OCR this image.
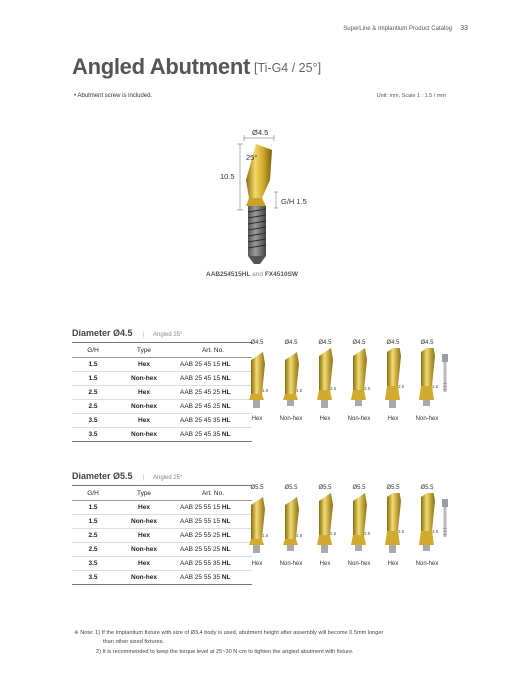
SuperLine & Implantium Product Catalog 33
Angled Abutment [Ti-G4 / 25°]
• Abutment screw is included.	Unit: mm, Scale 1 : 1.5 / mm
Ø4.5
25°
10.5
G/H 1.5
AAB254515HL and FX4510SW
Diameter Ø4.5 | Angled 25°
G/H	Type	Art. No.
1.5	Hex	AAB 25 45 15 HL
1.5	Non-hex	AAB 25 45 15 NL
2.5	Hex	AAB 25 45 25 HL
2.5	Non-hex	AAB 25 45 25 NL
3.5	Hex	AAB 25 45 35 HL
3.5	Non-hex	AAB 25 45 35 NL
Ø4.5
1.5
Hex
Ø4.5
1.5
Non-hex
Ø4.5
2.5
Hex
Ø4.5
2.5
Non-hex
Ø4.5
3.5
Hex
Ø4.5
3.5
Non-hex
Diameter Ø5.5 | Angled 25°
G/H	Type	Art. No.
1.5	Hex	AAB 25 55 15 HL
1.5	Non-hex	AAB 25 55 15 NL
2.5	Hex	AAB 25 55 25 HL
2.5	Non-hex	AAB 25 55 25 NL
3.5	Hex	AAB 25 55 35 HL
3.5	Non-hex	AAB 25 55 35 NL
Ø5.5
1.5
Hex
Ø5.5
1.5
Non-hex
Ø5.5
2.5
Hex
Ø5.5
2.5
Non-hex
Ø5.5
3.5
Hex
Ø5.5
3.5
Non-hex
※ Note: 1) If the Implantium fixture with size of Ø3.4 body is used, abutment height after assembly will become 0.5mm longer
than other sized fixtures.
2) It is recommended to keep the torque level at 25~30 N·cm to tighten the angled abutment with fixture.
